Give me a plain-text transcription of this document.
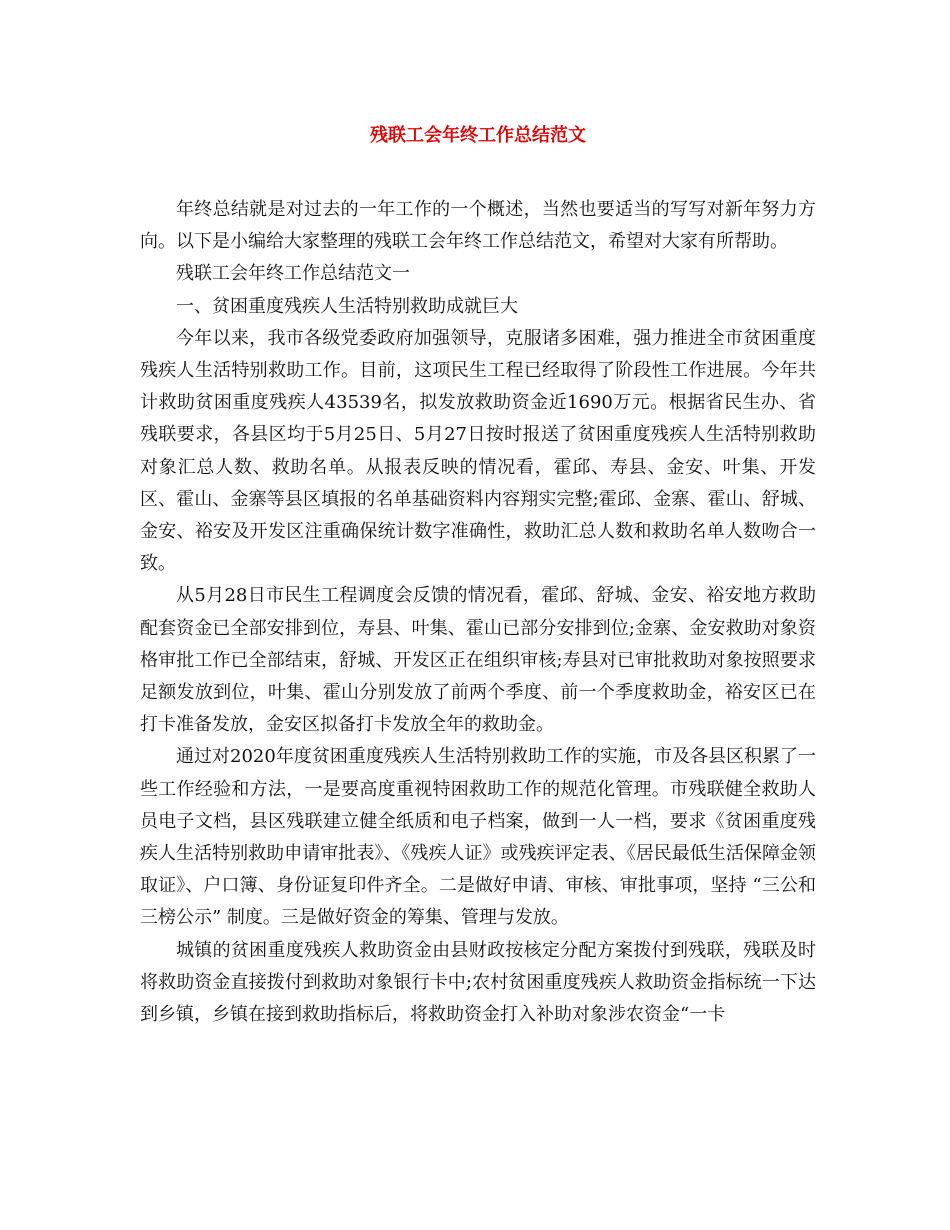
残联工会年终工作总结范文

年终总结就是对过去的一年工作的一个概述，当然也要适当的写写对新年努力方向。以下是小编给大家整理的残联工会年终工作总结范文，希望对大家有所帮助。

残联工会年终工作总结范文一

一、贫困重度残疾人生活特别救助成就巨大

今年以来，我市各级党委政府加强领导，克服诸多困难，强力推进全市贫困重度残疾人生活特别救助工作。目前，这项民生工程已经取得了阶段性工作进展。今年共计救助贫困重度残疾人43539名，拟发放救助资金近1690万元。根据省民生办、省残联要求，各县区均于5月25日、5月27日按时报送了贫困重度残疾人生活特别救助对象汇总人数、救助名单。从报表反映的情况看，霍邱、寿县、金安、叶集、开发区、霍山、金寨等县区填报的名单基础资料内容翔实完整;霍邱、金寨、霍山、舒城、金安、裕安及开发区注重确保统计数字准确性，救助汇总人数和救助名单人数吻合一致。

从5月28日市民生工程调度会反馈的情况看，霍邱、舒城、金安、裕安地方救助配套资金已全部安排到位，寿县、叶集、霍山已部分安排到位;金寨、金安救助对象资格审批工作已全部结束，舒城、开发区正在组织审核;寿县对已审批救助对象按照要求足额发放到位，叶集、霍山分别发放了前两个季度、前一个季度救助金，裕安区已在打卡准备发放，金安区拟备打卡发放全年的救助金。

通过对2020年度贫困重度残疾人生活特别救助工作的实施，市及各县区积累了一些工作经验和方法，一是要高度重视特困救助工作的规范化管理。市残联健全救助人员电子文档，县区残联建立健全纸质和电子档案，做到一人一档，要求《贫困重度残疾人生活特别救助申请审批表》、《残疾人证》或残疾评定表、《居民最低生活保障金领取证》、户口簿、身份证复印件齐全。二是做好申请、审核、审批事项，坚持 “三公和三榜公示” 制度。三是做好资金的筹集、管理与发放。

城镇的贫困重度残疾人救助资金由县财政按核定分配方案拨付到残联，残联及时将救助资金直接拨付到救助对象银行卡中;农村贫困重度残疾人救助资金指标统一下达到乡镇，乡镇在接到救助指标后，将救助资金打入补助对象涉农资金“一卡
